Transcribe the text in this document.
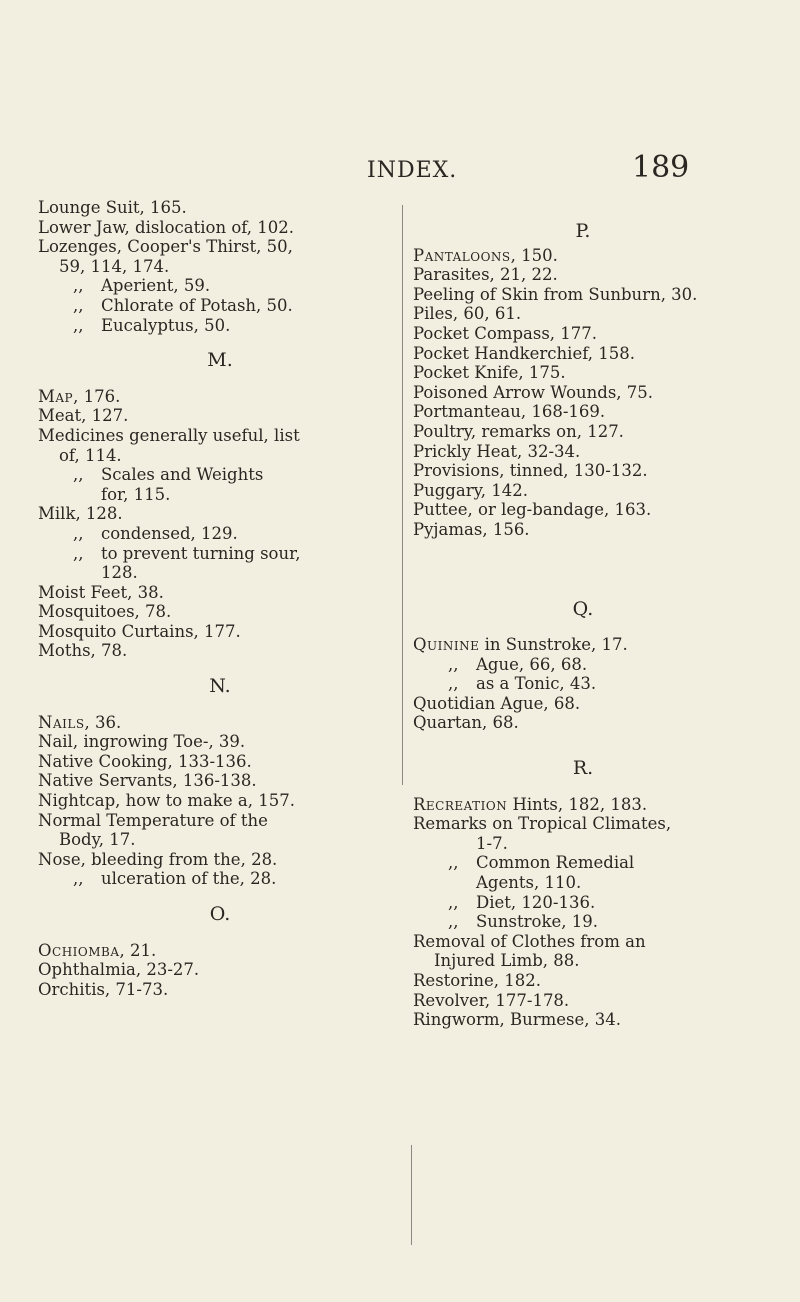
INDEX.	189
Lounge Suit, 165.
Lower Jaw, dislocation of, 102.
Lozenges, Cooper's Thirst, 50,
59, 114, 174.
,, Aperient, 59.
,, Chlorate of Potash, 50.
,, Eucalyptus, 50.
M.
Map, 176.
Meat, 127.
Medicines generally useful, list
of, 114.
,, Scales and Weights
for, 115.
Milk, 128.
,, condensed, 129.
,, to prevent turning sour,
128.
Moist Feet, 38.
Mosquitoes, 78.
Mosquito Curtains, 177.
Moths, 78.
N.
Nails, 36.
Nail, ingrowing Toe-, 39.
Native Cooking, 133-136.
Native Servants, 136-138.
Nightcap, how to make a, 157.
Normal Temperature of the
Body, 17.
Nose, bleeding from the, 28.
,, ulceration of the, 28.
O.
Ochiomba, 21.
Ophthalmia, 23-27.
Orchitis, 71-73.
P.
Pantaloons, 150.
Parasites, 21, 22.
Peeling of Skin from Sunburn, 30.
Piles, 60, 61.
Pocket Compass, 177.
Pocket Handkerchief, 158.
Pocket Knife, 175.
Poisoned Arrow Wounds, 75.
Portmanteau, 168-169.
Poultry, remarks on, 127.
Prickly Heat, 32-34.
Provisions, tinned, 130-132.
Puggary, 142.
Puttee, or leg-bandage, 163.
Pyjamas, 156.
Q.
Quinine in Sunstroke, 17.
,, Ague, 66, 68.
,, as a Tonic, 43.
Quotidian Ague, 68.
Quartan, 68.
R.
Recreation Hints, 182, 183.
Remarks on Tropical Climates,
1-7.
,, Common Remedial
Agents, 110.
,, Diet, 120-136.
,, Sunstroke, 19.
Removal of Clothes from an
Injured Limb, 88.
Restorine, 182.
Revolver, 177-178.
Ringworm, Burmese, 34.
